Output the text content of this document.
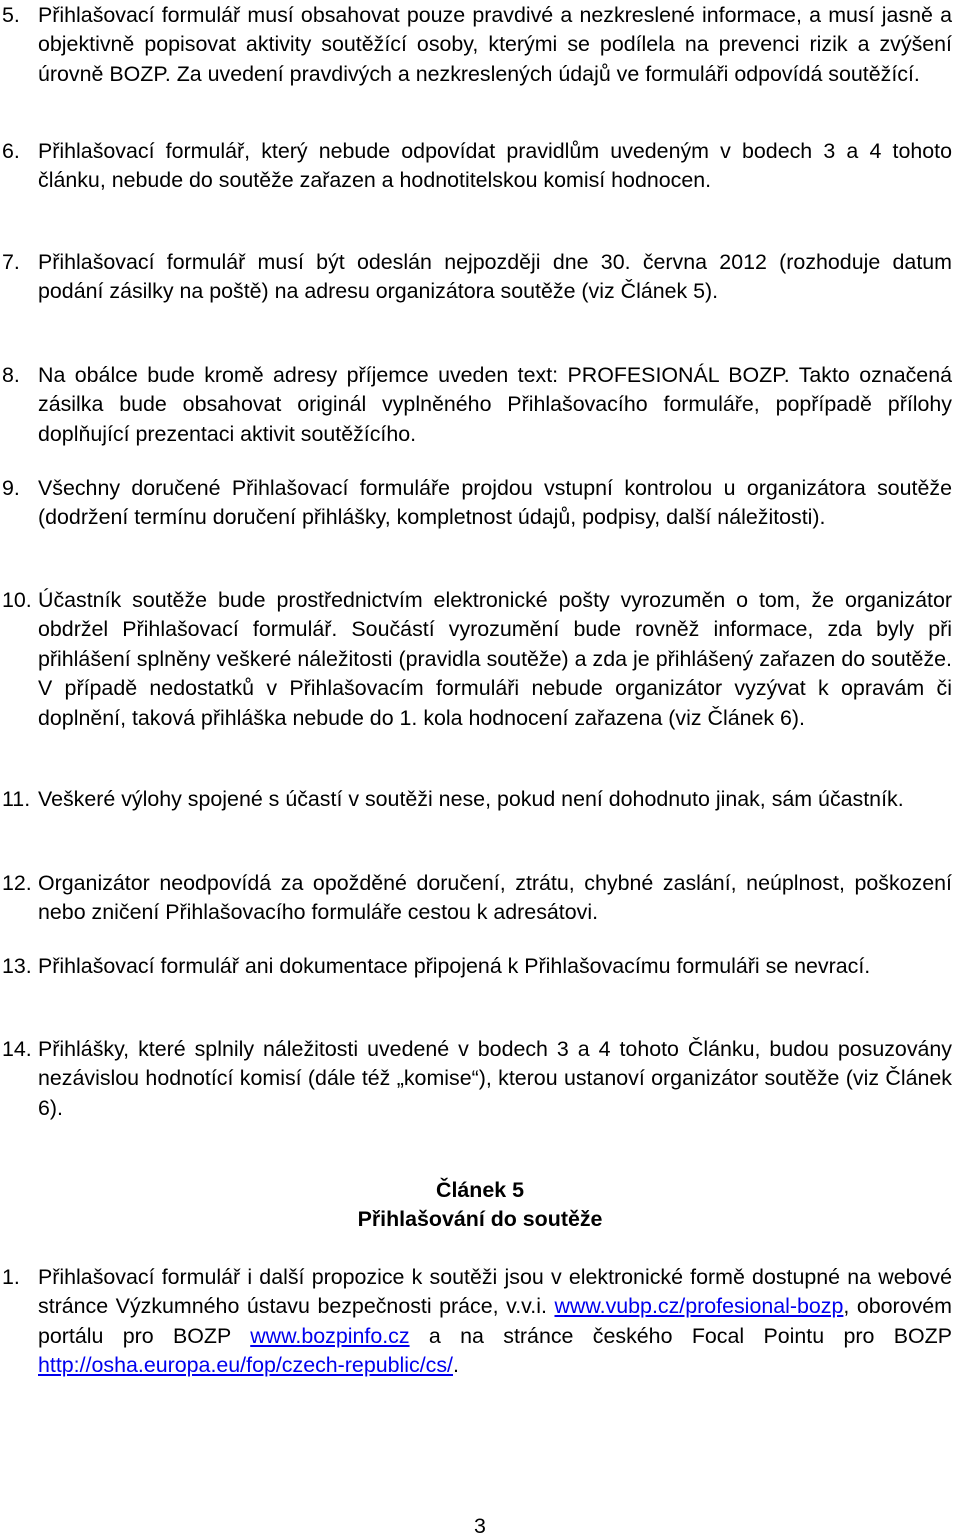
5. Přihlašovací formulář musí obsahovat pouze pravdivé a nezkreslené informace, a musí jasně a objektivně popisovat aktivity soutěžící osoby, kterými se podílela na prevenci rizik a zvýšení úrovně BOZP. Za uvedení pravdivých a nezkreslených údajů ve formuláři odpovídá soutěžící.

6. Přihlašovací formulář, který nebude odpovídat pravidlům uvedeným v bodech 3 a 4 tohoto článku, nebude do soutěže zařazen a hodnotitelskou komisí hodnocen.

7. Přihlašovací formulář musí být odeslán nejpozději dne 30. června 2012 (rozhoduje datum podání zásilky na poště) na adresu organizátora soutěže (viz Článek 5).

8. Na obálce bude kromě adresy příjemce uveden text: PROFESIONÁL BOZP. Takto označená zásilka bude obsahovat originál vyplněného Přihlašovacího formuláře, popřípadě přílohy doplňující prezentaci aktivit soutěžícího.

9. Všechny doručené Přihlašovací formuláře projdou vstupní kontrolou u organizátora soutěže (dodržení termínu doručení přihlášky, kompletnost údajů, podpisy, další náležitosti).

10. Účastník soutěže bude prostřednictvím elektronické pošty vyrozuměn o tom, že organizátor obdržel Přihlašovací formulář. Součástí vyrozumění bude rovněž informace, zda byly při přihlášení splněny veškeré náležitosti (pravidla soutěže) a zda je přihlášený zařazen do soutěže. V případě nedostatků v Přihlašovacím formuláři nebude organizátor vyzývat k opravám či doplnění, taková přihláška nebude do 1. kola hodnocení zařazena (viz Článek 6).

11. Veškeré výlohy spojené s účastí v soutěži nese, pokud není dohodnuto jinak, sám účastník.

12. Organizátor neodpovídá za opožděné doručení, ztrátu, chybné zaslání, neúplnost, poškození nebo zničení Přihlašovacího formuláře cestou k adresátovi.

13. Přihlašovací formulář ani dokumentace připojená k Přihlašovacímu formuláři se nevrací.

14. Přihlášky, které splnily náležitosti uvedené v bodech 3 a 4 tohoto Článku, budou posuzovány nezávislou hodnotící komisí (dále též „komise“), kterou ustanoví organizátor soutěže (viz Článek 6).

Článek 5

Přihlašování do soutěže

1. Přihlašovací formulář i další propozice k soutěži jsou v elektronické formě dostupné na webové stránce Výzkumného ústavu bezpečnosti práce, v.v.i. www.vubp.cz/profesional-bozp, oborovém portálu pro BOZP www.bozpinfo.cz a na stránce českého Focal Pointu pro BOZP http://osha.europa.eu/fop/czech-republic/cs/.

3
